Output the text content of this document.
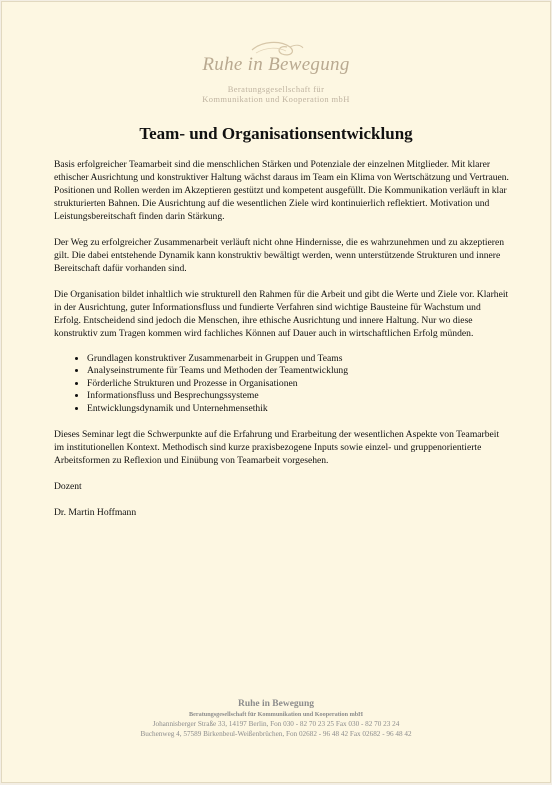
Ruhe in Bewegung
Beratungsgesellschaft für
Kommunikation und Kooperation mbH
Team- und Organisationsentwicklung

Basis erfolgreicher Teamarbeit sind die menschlichen Stärken und Potenziale der einzelnen Mitglieder. Mit klarer ethischer Ausrichtung und konstruktiver Haltung wächst daraus im Team ein Klima von Wertschätzung und Vertrauen. Positionen und Rollen werden im Akzeptieren gestützt und kompetent ausgefüllt. Die Kommunikation verläuft in klar strukturierten Bahnen. Die Ausrichtung auf die wesentlichen Ziele wird kontinuierlich reflektiert. Motivation und Leistungsbereitschaft finden darin Stärkung.

Der Weg zu erfolgreicher Zusammenarbeit verläuft nicht ohne Hindernisse, die es wahrzunehmen und zu akzeptieren gilt. Die dabei entstehende Dynamik kann konstruktiv bewältigt werden, wenn unterstützende Strukturen und innere Bereitschaft dafür vorhanden sind.

Die Organisation bildet inhaltlich wie strukturell den Rahmen für die Arbeit und gibt die Werte und Ziele vor. Klarheit in der Ausrichtung, guter Informationsfluss und fundierte Verfahren sind wichtige Bausteine für Wachstum und Erfolg. Entscheidend sind jedoch die Menschen, ihre ethische Ausrichtung und innere Haltung. Nur wo diese konstruktiv zum Tragen kommen wird fachliches Können auf Dauer auch in wirtschaftlichen Erfolg münden.

• Grundlagen konstruktiver Zusammenarbeit in Gruppen und Teams
• Analyseinstrumente für Teams und Methoden der Teamentwicklung
• Förderliche Strukturen und Prozesse in Organisationen
• Informationsfluss und Besprechungssysteme
• Entwicklungsdynamik und Unternehmensethik

Dieses Seminar legt die Schwerpunkte auf die Erfahrung und Erarbeitung der wesentlichen Aspekte von Teamarbeit im institutionellen Kontext. Methodisch sind kurze praxisbezogene Inputs sowie einzel- und gruppenorientierte Arbeitsformen zu Reflexion und Einübung von Teamarbeit vorgesehen.

Dozent

Dr. Martin Hoffmann

Ruhe in Bewegung
Beratungsgesellschaft für Kommunikation und Kooperation mbH
Johannisberger Straße 33, 14197 Berlin, Fon 030 - 82 70 23 25 Fax 030 - 82 70 23 24
Buchenweg 4, 57589 Birkenbeul-Weißenbrüchen, Fon 02682 - 96 48 42 Fax 02682 - 96 48 42
